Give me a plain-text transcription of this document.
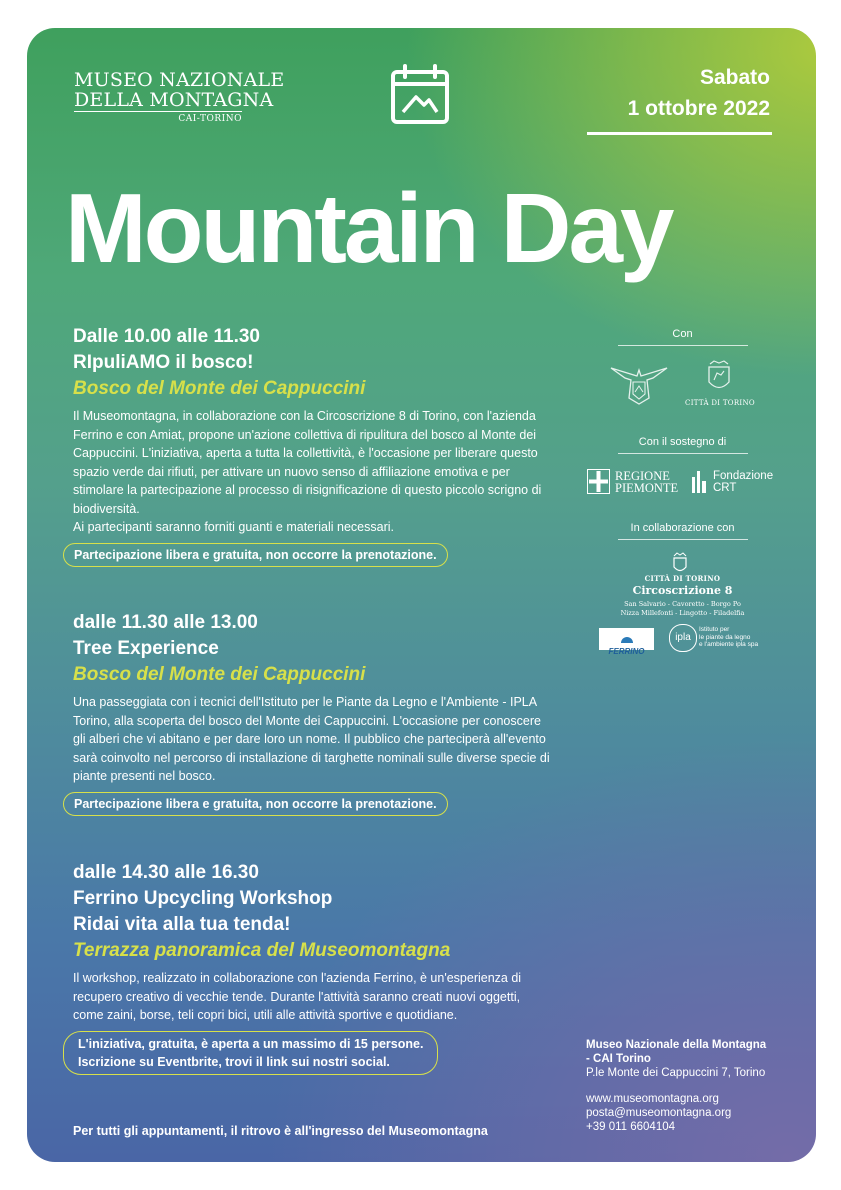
MUSEO NAZIONALE
DELLA MONTAGNA
CAI-TORINO
Sabato
1 ottobre 2022
Mountain Day
Dalle 10.00 alle 11.30
RIpuliAMO il bosco!
Bosco del Monte dei Cappuccini
Il Museomontagna, in collaborazione con la Circoscrizione 8 di Torino, con l'azienda Ferrino e con Amiat, propone un'azione collettiva di ripulitura del bosco al Monte dei Cappuccini. L'iniziativa, aperta a tutta la collettività, è l'occasione per liberare questo spazio verde dai rifiuti, per attivare un nuovo senso di affiliazione emotiva e per stimolare la partecipazione al processo di risignificazione di questo piccolo scrigno di biodiversità.
Ai partecipanti saranno forniti guanti e materiali necessari.
Partecipazione libera e gratuita, non occorre la prenotazione.
dalle 11.30 alle 13.00
Tree Experience
Bosco del Monte dei Cappuccini
Una passeggiata con i tecnici dell'Istituto per le Piante da Legno e l'Ambiente - IPLA Torino, alla scoperta del bosco del Monte dei Cappuccini. L'occasione per conoscere gli alberi che vi abitano e per dare loro un nome. Il pubblico che parteciperà all'evento sarà coinvolto nel percorso di installazione di targhette nominali sulle diverse specie di piante presenti nel bosco.
Partecipazione libera e gratuita, non occorre la prenotazione.
dalle 14.30 alle 16.30
Ferrino Upcycling Workshop
Ridai vita alla tua tenda!
Terrazza panoramica del Museomontagna
Il workshop, realizzato in collaborazione con l'azienda Ferrino, è un'esperienza di recupero creativo di vecchie tende. Durante l'attività saranno creati nuovi oggetti, come zaini, borse, teli copri bici, utili alle attività sportive e quotidiane.
L'iniziativa, gratuita, è aperta a un massimo di 15 persone.
Iscrizione su Eventbrite, trovi il link sui nostri social.
Per tutti gli appuntamenti, il ritrovo è all'ingresso del Museomontagna
Con
CITTÀ DI TORINO
Con il sostegno di
REGIONE
PIEMONTE
Fondazione
CRT
In collaborazione con
CITTÀ DI TORINO
Circoscrizione 8
San Salvario - Cavoretto - Borgo Po
Nizza Millefonti - Lingotto - Filadelfia
FERRINO
ipla
Istituto per
le piante da legno
e l'ambiente ipla spa
Museo Nazionale della Montagna
- CAI Torino
P.le Monte dei Cappuccini 7, Torino
www.museomontagna.org
posta@museomontagna.org
+39 011 6604104
